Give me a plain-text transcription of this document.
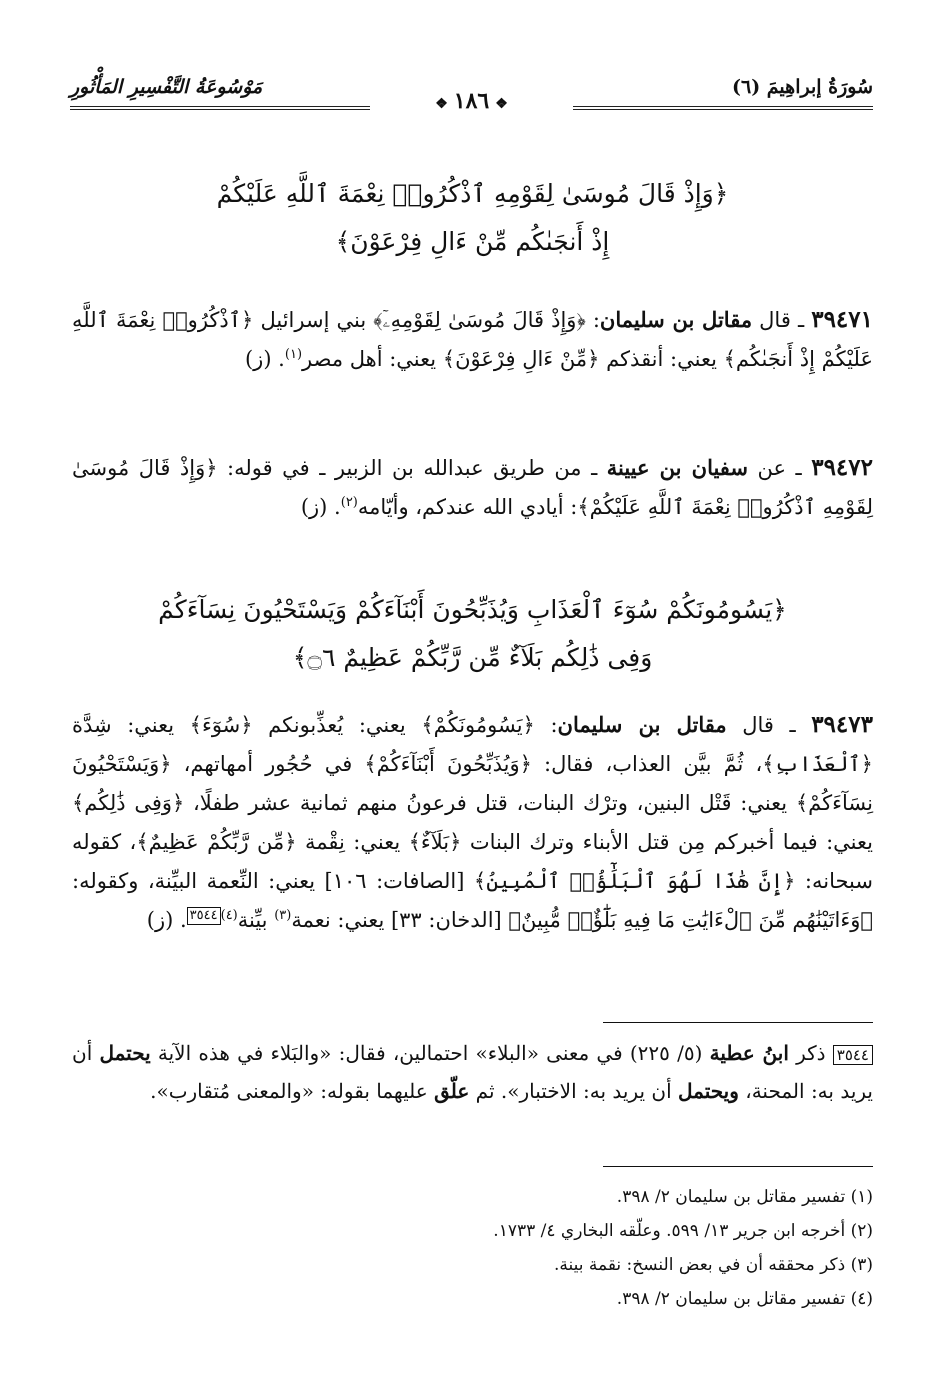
سُورَةُ إبراهِيمَ (٦)
مَوْسُوعَةُ التَّفْسِيرِ المَأْثُورِ
❖١٨٦❖
﴿وَإِذْ قَالَ مُوسَىٰ لِقَوْمِهِ ٱذْكُرُوا۟ نِعْمَةَ ٱللَّهِ عَلَيْكُمْ
إِذْ أَنجَىٰكُم مِّنْ ءَالِ فِرْعَوْنَ﴾
٣٩٤٧١ ـ قال مقاتل بن سليمان: ﴿وَإِذْ قَالَ مُوسَىٰ لِقَوْمِهِۦٓ﴾ بني إسرائيل ﴿ٱذْكُرُوا۟ نِعْمَةَ ٱللَّهِ عَلَيْكُمْ إِذْ أَنجَىٰكُم﴾ يعني: أنقذكم ﴿مِّنْ ءَالِ فِرْعَوْنَ﴾ يعني: أهل مصر$^{(١)}$. (ز)
٣٩٤٧٢ ـ عن سفيان بن عيينة ـ من طريق عبدالله بن الزبير ـ في قوله: ﴿وَإِذْ قَالَ مُوسَىٰ لِقَوْمِهِ ٱذْكُرُوا۟ نِعْمَةَ ٱللَّهِ عَلَيْكُمْ﴾: أيادي الله عندكم، وأيّامه$^{(٢)}$. (ز)
﴿يَسُومُونَكُمْ سُوٓءَ ٱلْعَذَابِ وَيُذَبِّحُونَ أَبْنَآءَكُمْ وَيَسْتَحْيُونَ نِسَآءَكُمْ
وَفِى ذَٰلِكُم بَلَآءٌ مِّن رَّبِّكُمْ عَظِيمٌ ۝٦﴾
٣٩٤٧٣ ـ قال مقاتل بن سليمان: ﴿يَسُومُونَكُمْ﴾ يعني: يُعذِّبونكم ﴿سُوٓءَ﴾ يعني: شِدَّة ﴿ٱلْعَذَابِ﴾، ثُمَّ بيَّن العذاب، فقال: ﴿وَيُذَبِّحُونَ أَبْنَآءَكُمْ﴾ في حُجُور أمهاتهم، ﴿وَيَسْتَحْيُونَ نِسَآءَكُمْ﴾ يعني: قَتْل البنين، وترْك البنات، قتل فرعونُ منهم ثمانية عشر طفلًا، ﴿وَفِى ذَٰلِكُم﴾ يعني: فيما أخبركم مِن قتل الأبناء وترك البنات ﴿بَلَآءٌ﴾ يعني: نِقْمة ﴿مِّن رَّبِّكُمْ عَظِيمٌ﴾، كقوله سبحانه: ﴿إِنَّ هَٰذَا لَهُوَ ٱلْبَلَٰٓؤُا۟ ٱلْمُبِينُ﴾ [الصافات: ١٠٦] يعني: النِّعمة البيِّنة، وكقوله: ﴿وَءَاتَيْنَٰهُم مِّنَ ٱلْءَايَٰتِ مَا فِيهِ بَلَٰٓؤٌا۟ مُّبِينٌ﴾ [الدخان: ٣٣] يعني: نعمة$^{(٣)}$ بيِّنة$^{(٤)}$٣٥٤٤. (ز)
٣٥٤٤ ذكر ابنُ عطية (٥/ ٢٢٥) في معنى «البلاء» احتمالين، فقال: «والبَلاء في هذه الآية يحتمل أن يريد به: المحنة، ويحتمل أن يريد به: الاختبار». ثم علّق عليهما بقوله: «والمعنى مُتقارب».
(١) تفسير مقاتل بن سليمان ٢/ ٣٩٨.
(٢) أخرجه ابن جرير ١٣/ ٥٩٩. وعلّقه البخاري ٤/ ١٧٣٣.
(٣) ذكر محققه أن في بعض النسخ: نقمة بينة.
(٤) تفسير مقاتل بن سليمان ٢/ ٣٩٨.
